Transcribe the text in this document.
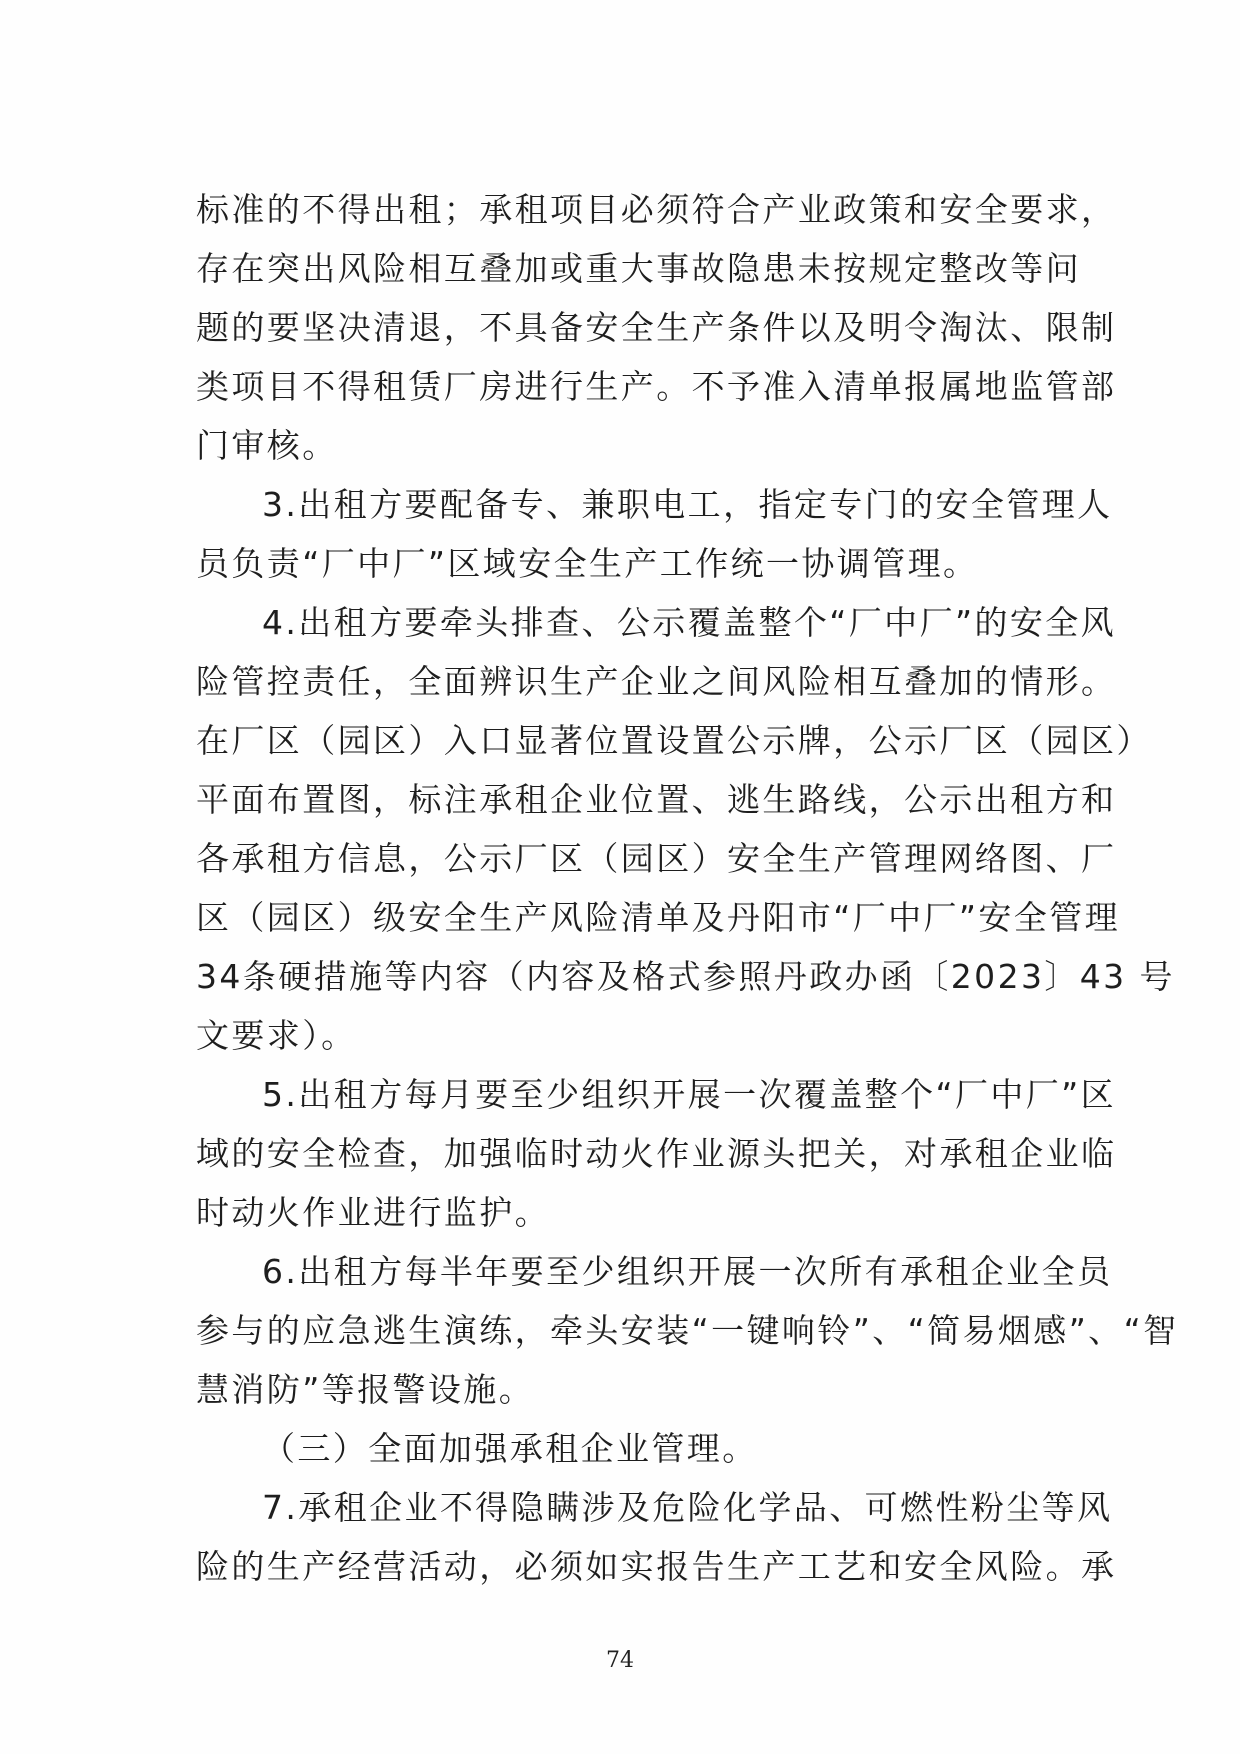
标准的不得出租；承租项目必须符合产业政策和安全要求，
存在突出风险相互叠加或重大事故隐患未按规定整改等问
题的要坚决清退，不具备安全生产条件以及明令淘汰、限制
类项目不得租赁厂房进行生产。不予准入清单报属地监管部
门审核。
3.出租方要配备专、兼职电工，指定专门的安全管理人
员负责“厂中厂”区域安全生产工作统一协调管理。
4.出租方要牵头排查、公示覆盖整个“厂中厂”的安全风
险管控责任，全面辨识生产企业之间风险相互叠加的情形。
在厂区（园区）入口显著位置设置公示牌，公示厂区（园区）
平面布置图，标注承租企业位置、逃生路线，公示出租方和
各承租方信息，公示厂区（园区）安全生产管理网络图、厂
区（园区）级安全生产风险清单及丹阳市“厂中厂”安全管理
34条硬措施等内容（内容及格式参照丹政办函〔2023〕43 号
文要求）。
5.出租方每月要至少组织开展一次覆盖整个“厂中厂”区
域的安全检查，加强临时动火作业源头把关，对承租企业临
时动火作业进行监护。
6.出租方每半年要至少组织开展一次所有承租企业全员
参与的应急逃生演练，牵头安装“一键响铃”、“简易烟感”、“智
慧消防”等报警设施。
（三）全面加强承租企业管理。
7.承租企业不得隐瞒涉及危险化学品、可燃性粉尘等风
险的生产经营活动，必须如实报告生产工艺和安全风险。承
74
